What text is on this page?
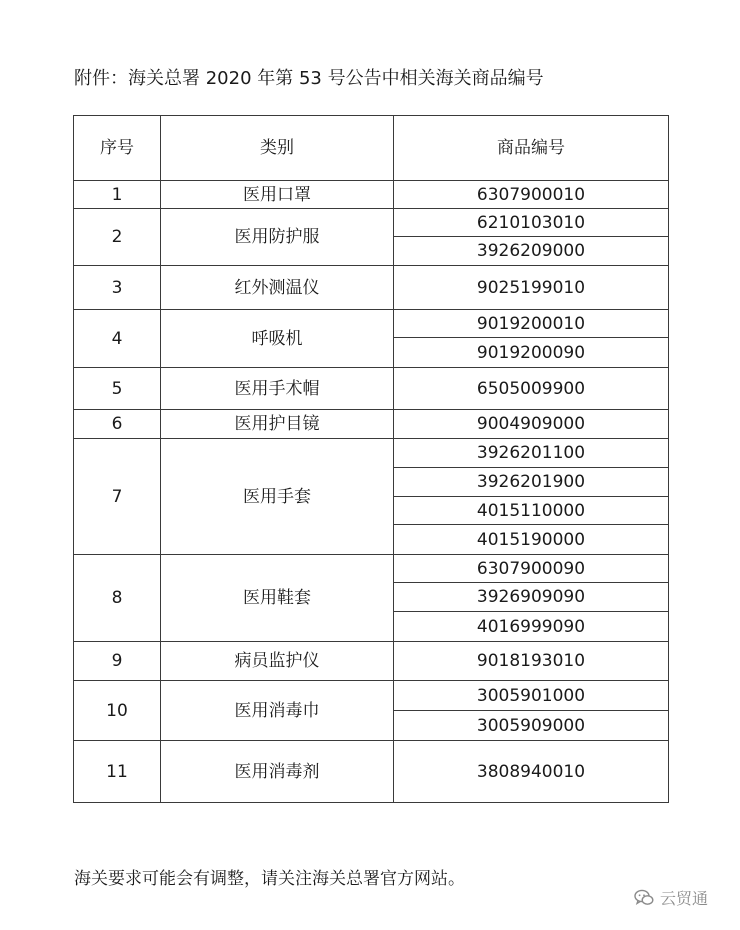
附件：海关总署 2020 年第 53 号公告中相关海关商品编号
序号	类别	商品编号
1	医用口罩	6307900010
2	医用防护服	6210103010
		3926209000
3	红外测温仪	9025199010
4	呼吸机	9019200010
		9019200090
5	医用手术帽	6505009900
6	医用护目镜	9004909000
7	医用手套	3926201100
		3926201900
		4015110000
		4015190000
8	医用鞋套	6307900090
		3926909090
		4016999090
9	病员监护仪	9018193010
10	医用消毒巾	3005901000
		3005909000
11	医用消毒剂	3808940010
海关要求可能会有调整，请关注海关总署官方网站。
云贸通
